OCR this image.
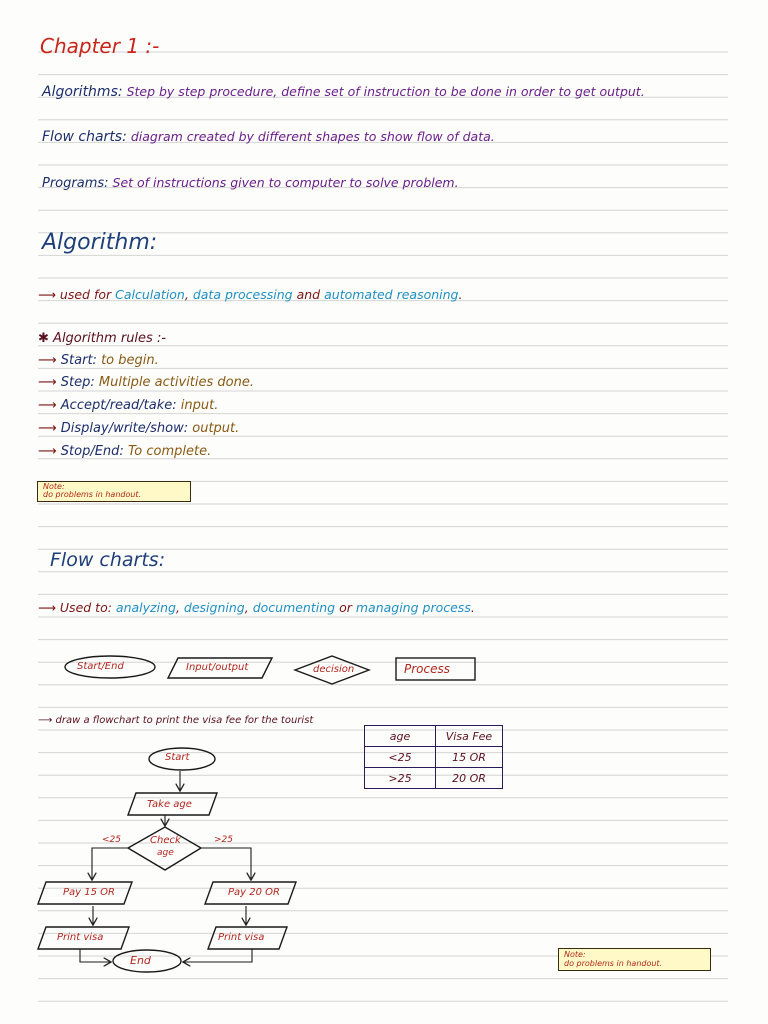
Chapter 1 :-
Algorithms: Step by step procedure, define set of instruction to be done in order to get output.
Flow charts: diagram created by different shapes to show flow of data.
Programs: Set of instructions given to computer to solve problem.
Algorithm:
⟶ used for Calculation, data processing and automated reasoning.
✱ Algorithm rules :-
⟶ Start: to begin.
⟶ Step: Multiple activities done.
⟶ Accept/read/take: input.
⟶ Display/write/show: output.
⟶ Stop/End: To complete.
Note:
do problems in handout.
Flow charts:
⟶ Used to: analyzing, designing, documenting or managing process.
Start/End	Input/output	decision	Process
⟶ draw a flowchart to print the visa fee for the tourist
Start
Take age
Check
age
<25	>25
Pay 15 OR	Pay 20 OR
Print visa	Print visa
End
age	Visa Fee
<25	15 OR
>25	20 OR
Note:
do problems in handout.
